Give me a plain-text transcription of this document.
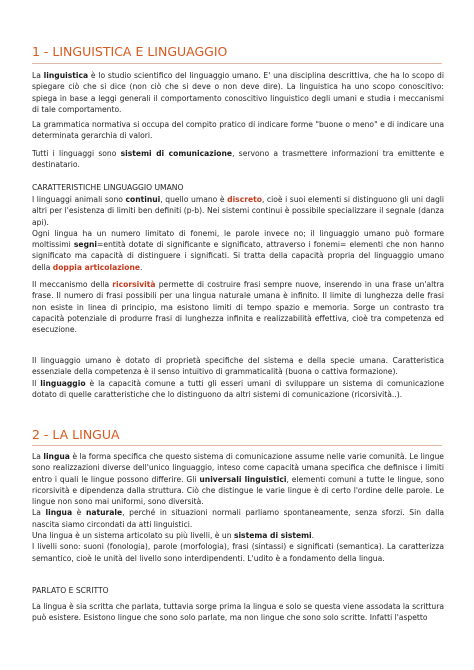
1 - LINGUISTICA E LINGUAGGIO

La linguistica è lo studio scientifico del linguaggio umano. E' una disciplina descrittiva, che ha lo scopo di spiegare ciò che si dice (non ciò che si deve o non deve dire). La linguistica ha uno scopo conoscitivo: spiega in base a leggi generali il comportamento conoscitivo linguistico degli umani e studia i meccanismi di tale comportamento.

La grammatica normativa si occupa del compito pratico di indicare forme "buone o meno" e di indicare una determinata gerarchia di valori.

Tutti i linguaggi sono sistemi di comunicazione, servono a trasmettere informazioni tra emittente e destinatario.

CARATTERISTICHE LINGUAGGIO UMANO

I linguaggi animali sono continui, quello umano è discreto, cioè i suoi elementi si distinguono gli uni dagli altri per l'esistenza di limiti ben definiti (p-b). Nei sistemi continui è possibile specializzare il segnale (danza api).
Ogni lingua ha un numero limitato di fonemi, le parole invece no; il linguaggio umano può formare moltissimi segni=entità dotate di significante e significato, attraverso i fonemi= elementi che non hanno significato ma capacità di distinguere i significati. Si tratta della capacità propria del linguaggio umano della doppia articolazione.

Il meccanismo della ricorsività permette di costruire frasi sempre nuove, inserendo in una frase un'altra frase. Il numero di frasi possibili per una lingua naturale umana è infinito. Il limite di lunghezza delle frasi non esiste in linea di principio, ma esistono limiti di tempo spazio e memoria. Sorge un contrasto tra capacità potenziale di produrre frasi di lunghezza infinita e realizzabilità effettiva, cioè tra competenza ed esecuzione.

Il linguaggio umano è dotato di proprietà specifiche del sistema e della specie umana. Caratteristica essenziale della competenza è il senso intuitivo di grammaticalità (buona o cattiva formazione).
Il linguaggio è la capacità comune a tutti gli esseri umani di sviluppare un sistema di comunicazione dotato di quelle caratteristiche che lo distinguono da altri sistemi di comunicazione (ricorsività..).

2 - LA LINGUA

La lingua è la forma specifica che questo sistema di comunicazione assume nelle varie comunità. Le lingue sono realizzazioni diverse dell'unico linguaggio, inteso come capacità umana specifica che definisce i limiti entro i quali le lingue possono differire. Gli universali linguistici, elementi comuni a tutte le lingue, sono ricorsività e dipendenza dalla struttura. Ciò che distingue le varie lingue è di certo l'ordine delle parole. Le lingue non sono mai uniformi, sono diversità.
La lingua è naturale, perché in situazioni normali parliamo spontaneamente, senza sforzi. Sin dalla nascita siamo circondati da atti linguistici.
Una lingua è un sistema articolato su più livelli, è un sistema di sistemi.
I livelli sono: suoni (fonologia), parole (morfologia), frasi (sintassi) e significati (semantica). La caratterizza semantico, cioè le unità del livello sono interdipendenti. L'udito è a fondamento della lingua.

PARLATO E SCRITTO

La lingua è sia scritta che parlata, tuttavia sorge prima la lingua e solo se questa viene assodata la scrittura può esistere. Esistono lingue che sono solo parlate, ma non lingue che sono solo scritte. Infatti l'aspetto
